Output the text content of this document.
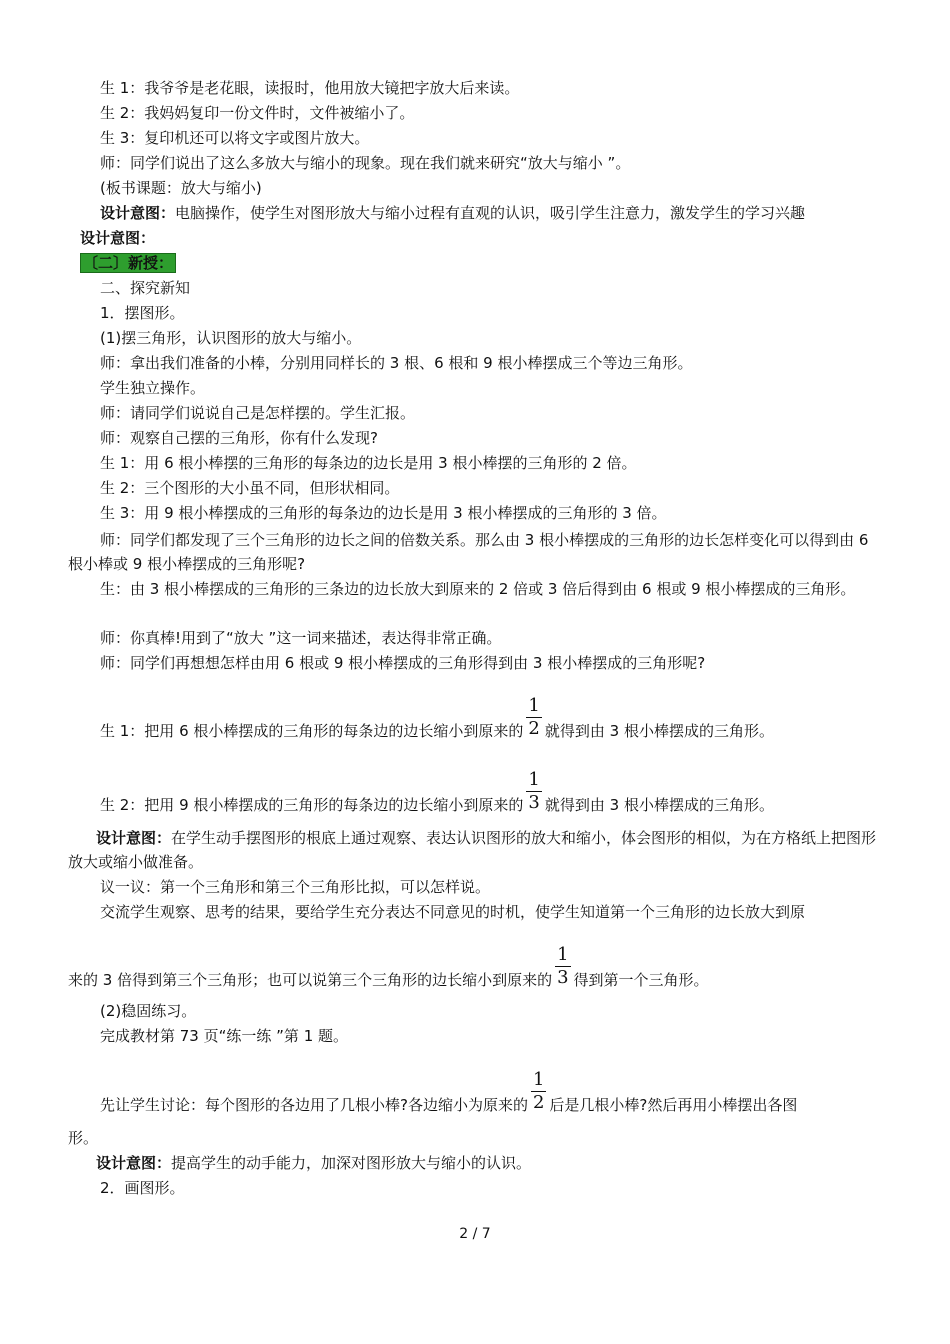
生 1：我爷爷是老花眼，读报时，他用放大镜把字放大后来读。
生 2：我妈妈复印一份文件时，文件被缩小了。
生 3：复印机还可以将文字或图片放大。
师：同学们说出了这么多放大与缩小的现象。现在我们就来研究“放大与缩小 ”。
(板书课题：放大与缩小)
设计意图：电脑操作，使学生对图形放大与缩小过程有直观的认识，吸引学生注意力，激发学生的学习兴趣
设计意图：
〔二〕新授：
二、探究新知
1．摆图形。
(1)摆三角形，认识图形的放大与缩小。
师：拿出我们准备的小棒，分别用同样长的 3 根、6 根和 9 根小棒摆成三个等边三角形。
学生独立操作。
师：请同学们说说自己是怎样摆的。学生汇报。
师：观察自己摆的三角形，你有什么发现?
生 1：用 6 根小棒摆的三角形的每条边的边长是用 3 根小棒摆的三角形的 2 倍。
生 2：三个图形的大小虽不同，但形状相同。
生 3：用 9 根小棒摆成的三角形的每条边的边长是用 3 根小棒摆成的三角形的 3 倍。
师：同学们都发现了三个三角形的边长之间的倍数关系。那么由 3 根小棒摆成的三角形的边长怎样变化可以得到由 6 根小棒或 9 根小棒摆成的三角形呢?
生：由 3 根小棒摆成的三角形的三条边的边长放大到原来的 2 倍或 3 倍后得到由 6 根或 9 根小棒摆成的三角形。
师：你真棒!用到了“放大 ”这一词来描述，表达得非常正确。
师：同学们再想想怎样由用 6 根或 9 根小棒摆成的三角形得到由 3 根小棒摆成的三角形呢?
生 1：把用 6 根小棒摆成的三角形的每条边的边长缩小到原来的 $\frac{1}{2}$ 就得到由 3 根小棒摆成的三角形。
生 2：把用 9 根小棒摆成的三角形的每条边的边长缩小到原来的 $\frac{1}{3}$ 就得到由 3 根小棒摆成的三角形。
设计意图：在学生动手摆图形的根底上通过观察、表达认识图形的放大和缩小，体会图形的相似，为在方格纸上把图形放大或缩小做准备。
议一议：第一个三角形和第三个三角形比拟，可以怎样说。
交流学生观察、思考的结果，要给学生充分表达不同意见的时机，使学生知道第一个三角形的边长放大到原
来的 3 倍得到第三个三角形；也可以说第三个三角形的边长缩小到原来的 $\frac{1}{3}$ 得到第一个三角形。
(2)稳固练习。
完成教材第 73 页“练一练 ”第 1 题。
先让学生讨论：每个图形的各边用了几根小棒?各边缩小为原来的 $\frac{1}{2}$ 后是几根小棒?然后再用小棒摆出各图
形。
设计意图：提高学生的动手能力，加深对图形放大与缩小的认识。
2．画图形。
2 / 7
